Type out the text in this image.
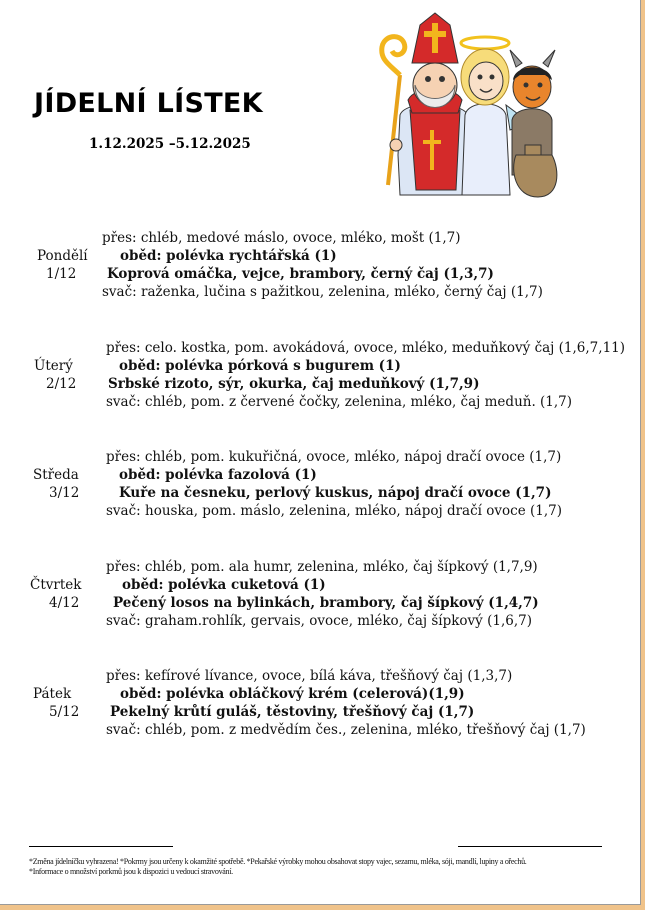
JÍDELNÍ LÍSTEK
1.12.2025 –5.12.2025
Pondělí
1/12
přes: chléb, medové máslo, ovoce, mléko, mošt (1,7)
oběd: polévka rychtářská (1)
Koprová omáčka, vejce, brambory, černý čaj (1,3,7)
svač: raženka, lučina s pažitkou, zelenina, mléko, černý čaj (1,7)
Úterý
2/12
přes: celo. kostka, pom. avokádová, ovoce, mléko, meduňkový čaj (1,6,7,11)
oběd: polévka pórková s bugurem (1)
Srbské rizoto, sýr, okurka, čaj meduňkový (1,7,9)
svač: chléb, pom. z červené čočky, zelenina, mléko, čaj meduň. (1,7)
Středa
3/12
přes: chléb, pom. kukuřičná, ovoce, mléko, nápoj dračí ovoce (1,7)
oběd: polévka fazolová (1)
Kuře na česneku, perlový kuskus, nápoj dračí ovoce (1,7)
svač: houska, pom. máslo, zelenina, mléko, nápoj dračí ovoce (1,7)
Čtvrtek
4/12
přes: chléb, pom. ala humr, zelenina, mléko, čaj šípkový (1,7,9)
oběd: polévka cuketová (1)
Pečený losos na bylinkách, brambory, čaj šípkový (1,4,7)
svač: graham.rohlík, gervais, ovoce, mléko, čaj šípkový (1,6,7)
Pátek
5/12
přes: kefírové lívance, ovoce, bílá káva, třešňový čaj (1,3,7)
oběd: polévka obláčkový krém (celerová)(1,9)
Pekelný krůtí guláš, těstoviny, třešňový čaj (1,7)
svač: chléb, pom. z medvědím čes., zelenina, mléko, třešňový čaj (1,7)
*Změna jídelníčku vyhrazena! *Pokrmy jsou určeny k okamžité spotřebě. *Pekařské výrobky mohou obsahovat stopy vajec, sezamu, mléka, sóji, mandlí, lupiny a ořechů.
*Informace o množství porkmů jsou k dispozici u vedoucí stravování.
